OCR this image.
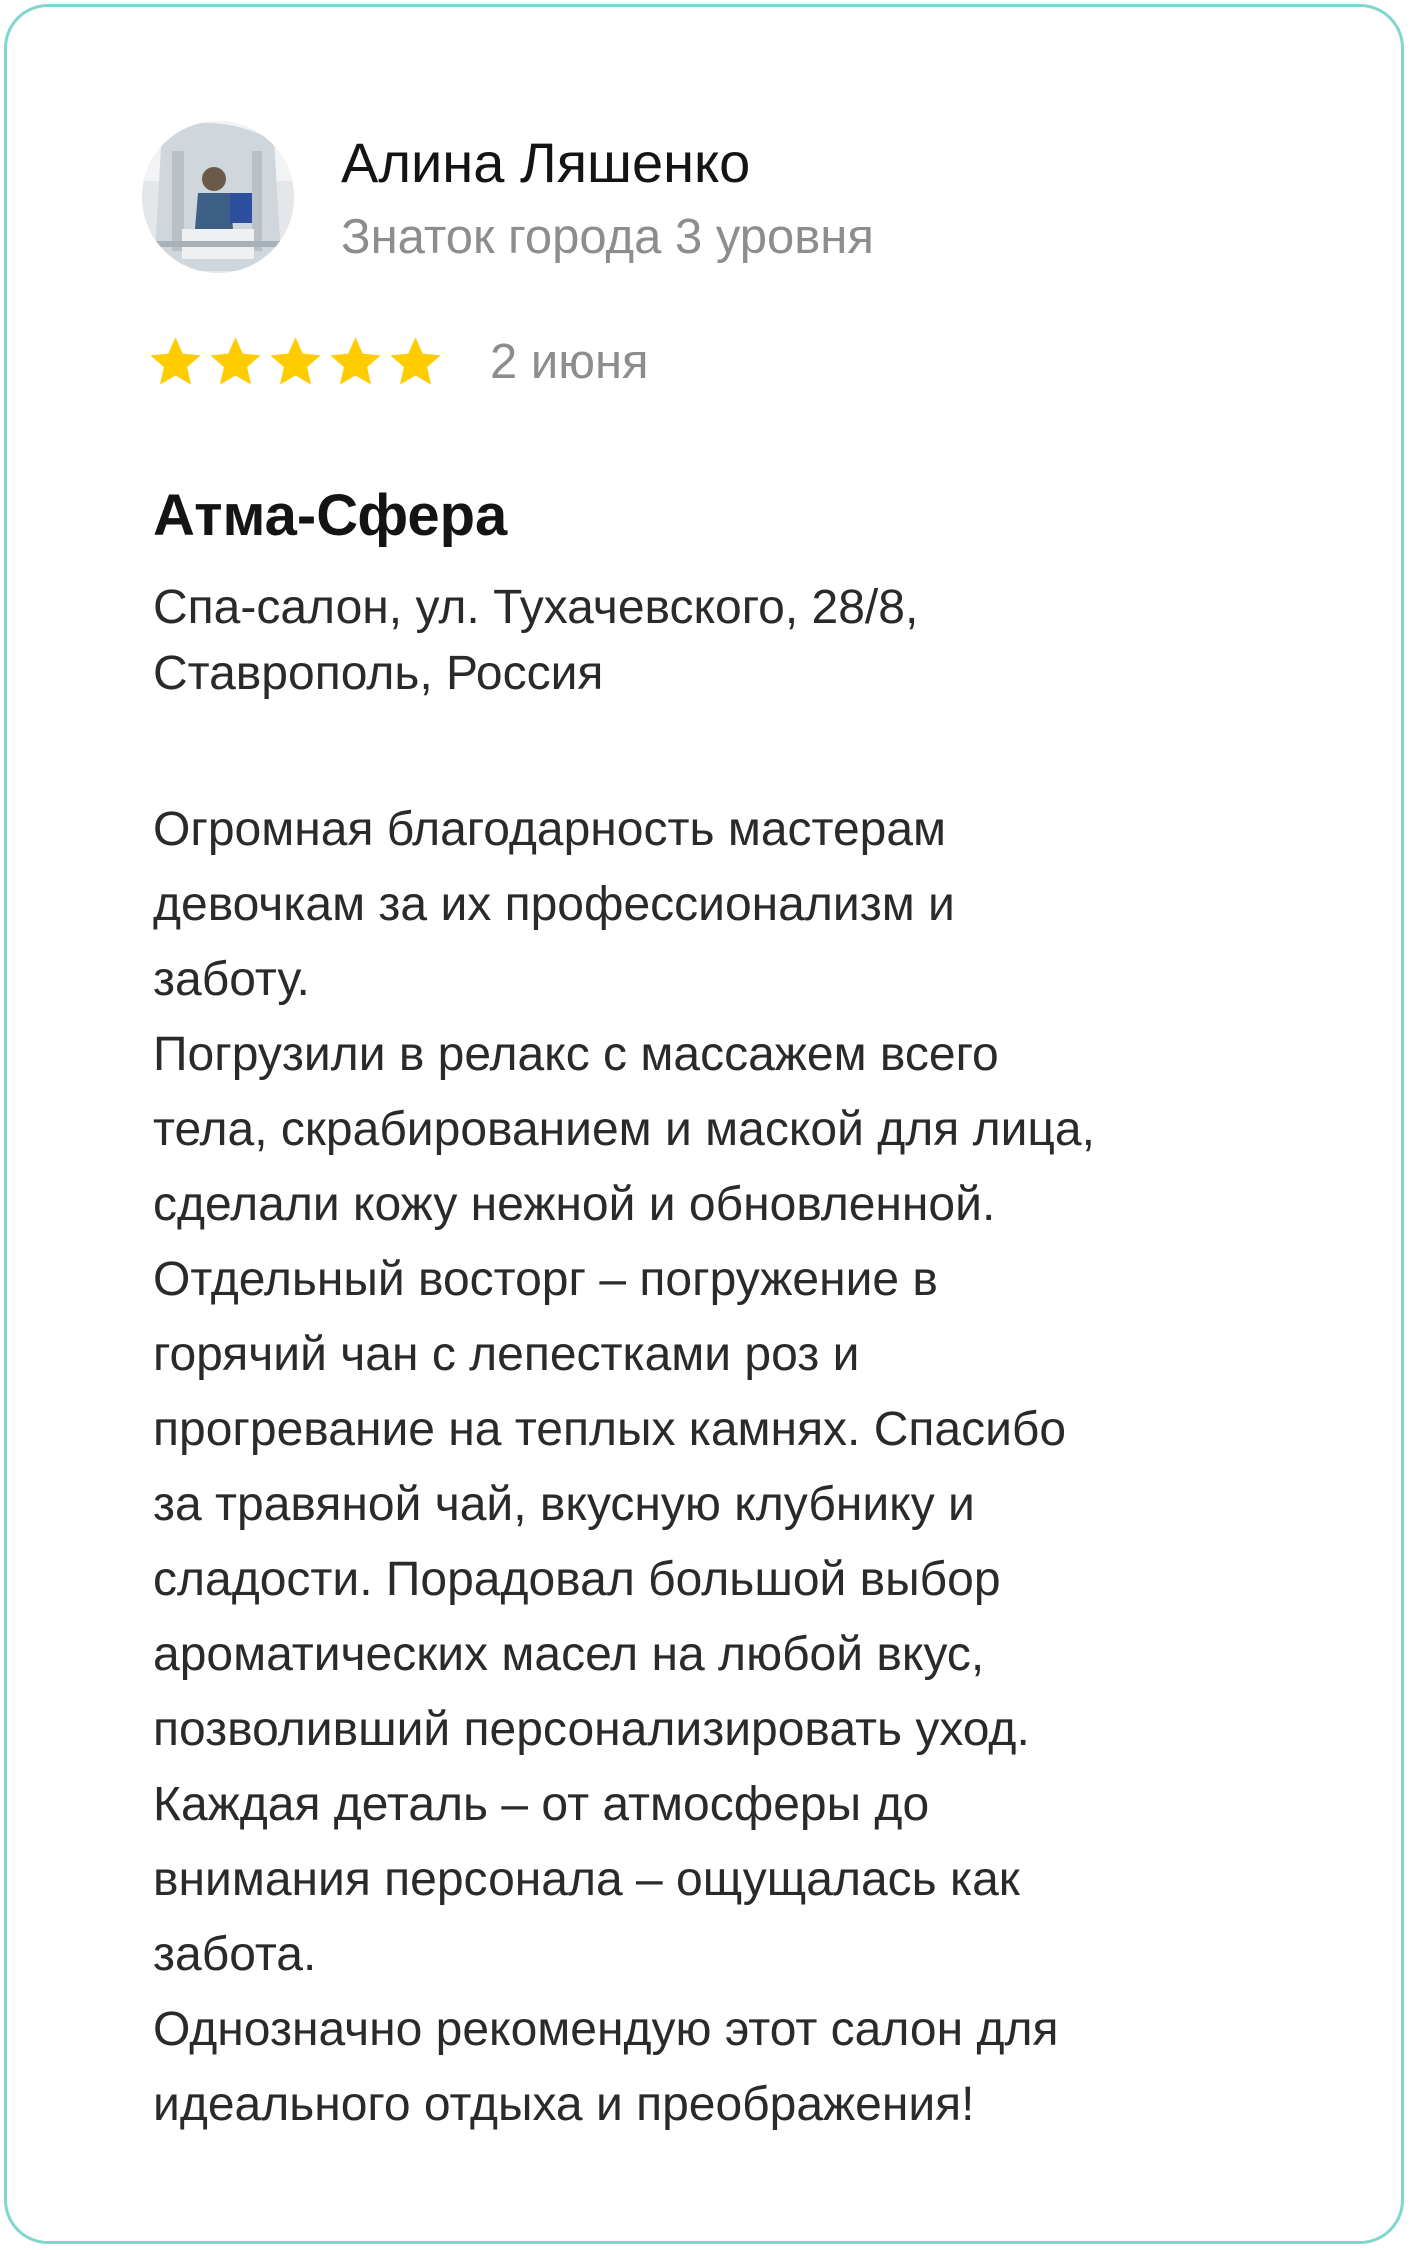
Алина Ляшенко
Знаток города 3 уровня
2 июня
Атма-Сфера
Спа-салон, ул. Тухачевского, 28/8,
Ставрополь, Россия

Огромная благодарность мастерам

девочкам за их профессионализм и

заботу.

Погрузили в релакс с массажем всего

тела, скрабированием и маской для лица,

сделали кожу нежной и обновленной.

Отдельный восторг – погружение в

горячий чан с лепестками роз и

прогревание на теплых камнях. Спасибо

за травяной чай, вкусную клубнику и

сладости. Порадовал большой выбор

ароматических масел на любой вкус,

позволивший персонализировать уход.

Каждая деталь – от атмосферы до

внимания персонала – ощущалась как

забота.

Однозначно рекомендую этот салон для

идеального отдыха и преображения!
